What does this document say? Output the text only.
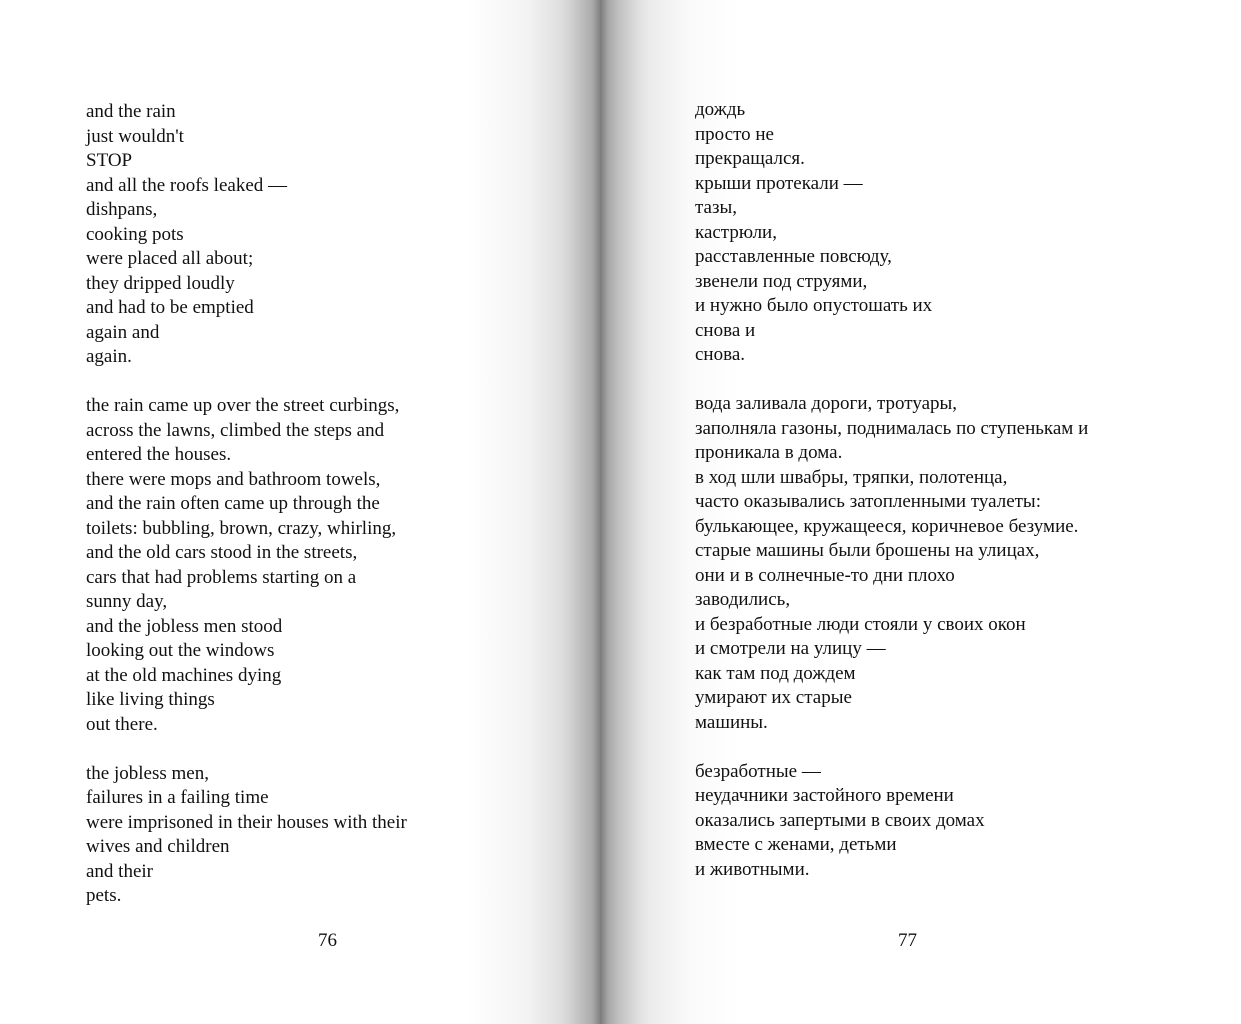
and the rain
just wouldn't
STOP
and all the roofs leaked —
dishpans,
cooking pots
were placed all about;
they dripped loudly
and had to be emptied
again and
again.
the rain came up over the street curbings,
across the lawns, climbed the steps and
entered the houses.
there were mops and bathroom towels,
and the rain often came up through the
toilets: bubbling, brown, crazy, whirling,
and the old cars stood in the streets,
cars that had problems starting on a
sunny day,
and the jobless men stood
looking out the windows
at the old machines dying
like living things
out there.
the jobless men,
failures in a failing time
were imprisoned in their houses with their
wives and children
and their
pets.
76
дождь
просто не
прекращался.
крыши протекали —
тазы,
кастрюли,
расставленные повсюду,
звенели под струями,
и нужно было опустошать их
снова и
снова.
вода заливала дороги, тротуары,
заполняла газоны, поднималась по ступенькам и
проникала в дома.
в ход шли швабры, тряпки, полотенца,
часто оказывались затопленными туалеты:
булькающее, кружащееся, коричневое безумие.
старые машины были брошены на улицах,
они и в солнечные-то дни плохо
заводились,
и безработные люди стояли у своих окон
и смотрели на улицу —
как там под дождем
умирают их старые
машины.
безработные —
неудачники застойного времени
оказались запертыми в своих домах
вместе с женами, детьми
и животными.
77
